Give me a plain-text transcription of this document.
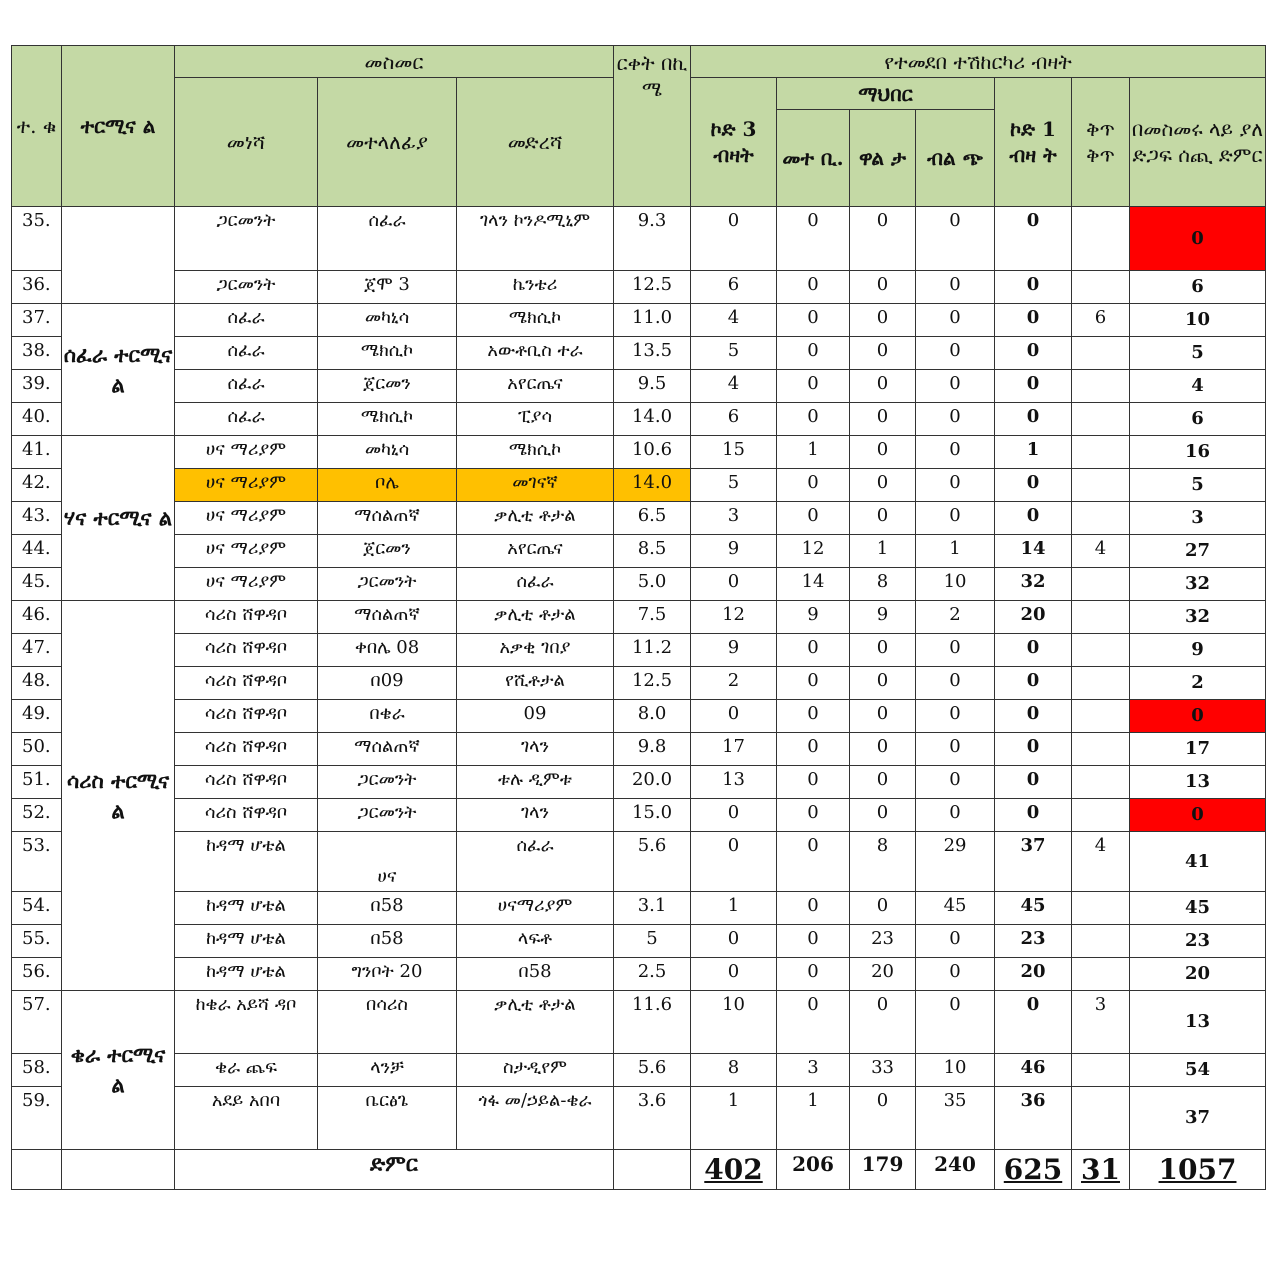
ተ. ቁ	ተርሚና ል	መስመር			ርቀት በኪ ሜ	የተመደበ ተሽከርካሪ ብዛት						
		መነሻ	መተላለፊያ	መድረሻ		ኮድ 3 ብዛት	ማህበር			ኮድ 1 ብዛ ት	ቅጥ ቅጥ	በመስመሩ ላይ ያለ ድጋፍ ሰጪ ድምር
							መተ ቢ.	ዋል ታ	ብል ጭ			
35.		ጋርመንት	ሰፈራ	ገላን ኮንዶሚኒም	9.3	0	0	0	0	0		0
36.		ጋርመንት	ጀሞ 3	ኬንቴሪ	12.5	6	0	0	0	0		6
37.	ሰፈራ ተርሚና ል	ሰፈራ	መካኒሳ	ሜክሲኮ	11.0	4	0	0	0	0	6	10
38.		ሰፈራ	ሜክሲኮ	አውቶቢስ ተራ	13.5	5	0	0	0	0		5
39.		ሰፈራ	ጀርመን	አየርጤና	9.5	4	0	0	0	0		4
40.		ሰፈራ	ሜክሲኮ	ፒያሳ	14.0	6	0	0	0	0		6
41.	ሃና ተርሚና ል	ሀና ማሪያም	መካኒሳ	ሜክሲኮ	10.6	15	1	0	0	1		16
42.		ሀና ማሪያም	ቦሌ	መገናኛ	14.0	5	0	0	0	0		5
43.		ሀና ማሪያም	ማሰልጠኛ	ቃሊቲ ቶታል	6.5	3	0	0	0	0		3
44.		ሀና ማሪያም	ጀርመን	አየርጤና	8.5	9	12	1	1	14	4	27
45.		ሀና ማሪያም	ጋርመንት	ሰፈራ	5.0	0	14	8	10	32		32
46.	ሳሪስ ተርሚና ል	ሳሪስ ሸዋዳቦ	ማሰልጠኛ	ቃሊቲ ቶታል	7.5	12	9	9	2	20		32
47.		ሳሪስ ሸዋዳቦ	ቀበሌ 08	አቃቂ ገበያ	11.2	9	0	0	0	0		9
48.		ሳሪስ ሸዋዳቦ	በ09	የሺቶታል	12.5	2	0	0	0	0		2
49.		ሳሪስ ሸዋዳቦ	በቄራ	09	8.0	0	0	0	0	0		0
50.		ሳሪስ ሸዋዳቦ	ማሰልጠኛ	ገላን	9.8	17	0	0	0	0		17
51.		ሳሪስ ሸዋዳቦ	ጋርመንት	ቱሉ ዲምቱ	20.0	13	0	0	0	0		13
52.		ሳሪስ ሸዋዳቦ	ጋርመንት	ገላን	15.0	0	0	0	0	0		0
53.		ከዳማ ሆቴል	ሀና	ሰፈራ	5.6	0	0	8	29	37	4	41
54.		ከዳማ ሆቴል	በ58	ሀናማሪያም	3.1	1	0	0	45	45		45
55.		ከዳማ ሆቴል	በ58	ላፍቶ	5	0	0	23	0	23		23
56.		ከዳማ ሆቴል	ግንቦት 20	በ58	2.5	0	0	20	0	20		20
57.	ቄራ ተርሚና ል	ከቄራ አይሻ ዳቦ	በሳሪስ	ቃሊቲ ቶታል	11.6	10	0	0	0	0	3	13
58.		ቄራ ጨፍ	ላንቻ	ስታዲየም	5.6	8	3	33	10	46		54
59.		አደይ አበባ	ቤርፅጌ	ጎፋ መ/ኃይል-ቄራ	3.6	1	1	0	35	36		37
		ድምር				402	206	179	240	625	31	1057
